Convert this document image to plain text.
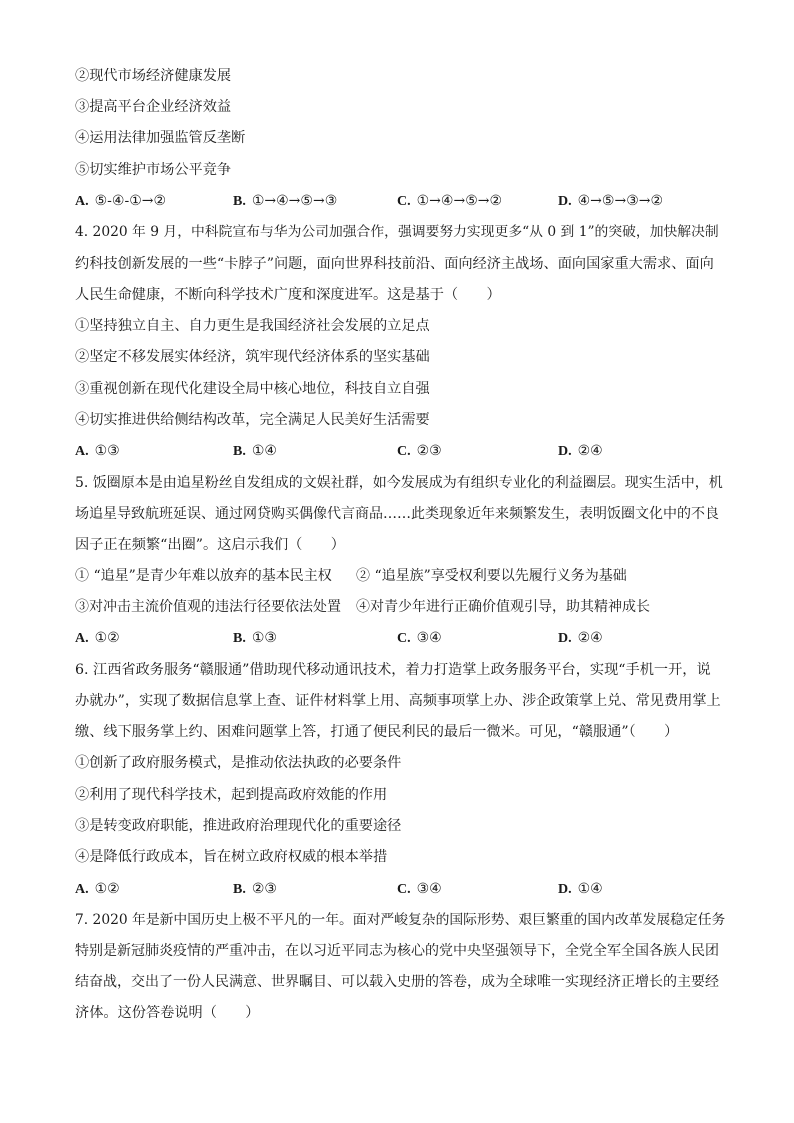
②现代市场经济健康发展
③提高平台企业经济效益
④运用法律加强监管反垄断
⑤切实维护市场公平竞争
A. ⑤-④-①→②	B. ①→④→⑤→③	C. ①→④→⑤→②	D. ④→⑤→③→②
4. 2020 年 9 月，中科院宣布与华为公司加强合作，强调要努力实现更多“从 0 到 1”的突破，加快解决制
约科技创新发展的一些“卡脖子”问题，面向世界科技前沿、面向经济主战场、面向国家重大需求、面向
人民生命健康，不断向科学技术广度和深度进军。这是基于（　　）
①坚持独立自主、自力更生是我国经济社会发展的立足点
②坚定不移发展实体经济，筑牢现代经济体系的坚实基础
③重视创新在现代化建设全局中核心地位，科技自立自强
④切实推进供给侧结构改革，完全满足人民美好生活需要
A. ①③	B. ①④	C. ②③	D. ②④
5. 饭圈原本是由追星粉丝自发组成的文娱社群，如今发展成为有组织专业化的利益圈层。现实生活中，机
场追星导致航班延误、通过网贷购买偶像代言商品……此类现象近年来频繁发生，表明饭圈文化中的不良
因子正在频繁“出圈”。这启示我们（　　）
① “追星”是青少年难以放弃的基本民主权 ② “追星族”享受权利要以先履行义务为基础
③对冲击主流价值观的违法行径要依法处置 ④对青少年进行正确价值观引导，助其精神成长
A. ①②	B. ①③	C. ③④	D. ②④
6. 江西省政务服务“赣服通”借助现代移动通讯技术，着力打造掌上政务服务平台，实现“手机一开，说
办就办”，实现了数据信息掌上查、证件材料掌上用、高频事项掌上办、涉企政策掌上兑、常见费用掌上
缴、线下服务掌上约、困难问题掌上答，打通了便民利民的最后一微米。可见，“赣服通”（　　）
①创新了政府服务模式，是推动依法执政的必要条件
②利用了现代科学技术，起到提高政府效能的作用
③是转变政府职能，推进政府治理现代化的重要途径
④是降低行政成本，旨在树立政府权威的根本举措
A. ①②	B. ②③	C. ③④	D. ①④
7. 2020 年是新中国历史上极不平凡的一年。面对严峻复杂的国际形势、艰巨繁重的国内改革发展稳定任务
特别是新冠肺炎疫情的严重冲击，在以习近平同志为核心的党中央坚强领导下，全党全军全国各族人民团
结奋战，交出了一份人民满意、世界瞩目、可以载入史册的答卷，成为全球唯一实现经济正增长的主要经
济体。这份答卷说明（　　）
